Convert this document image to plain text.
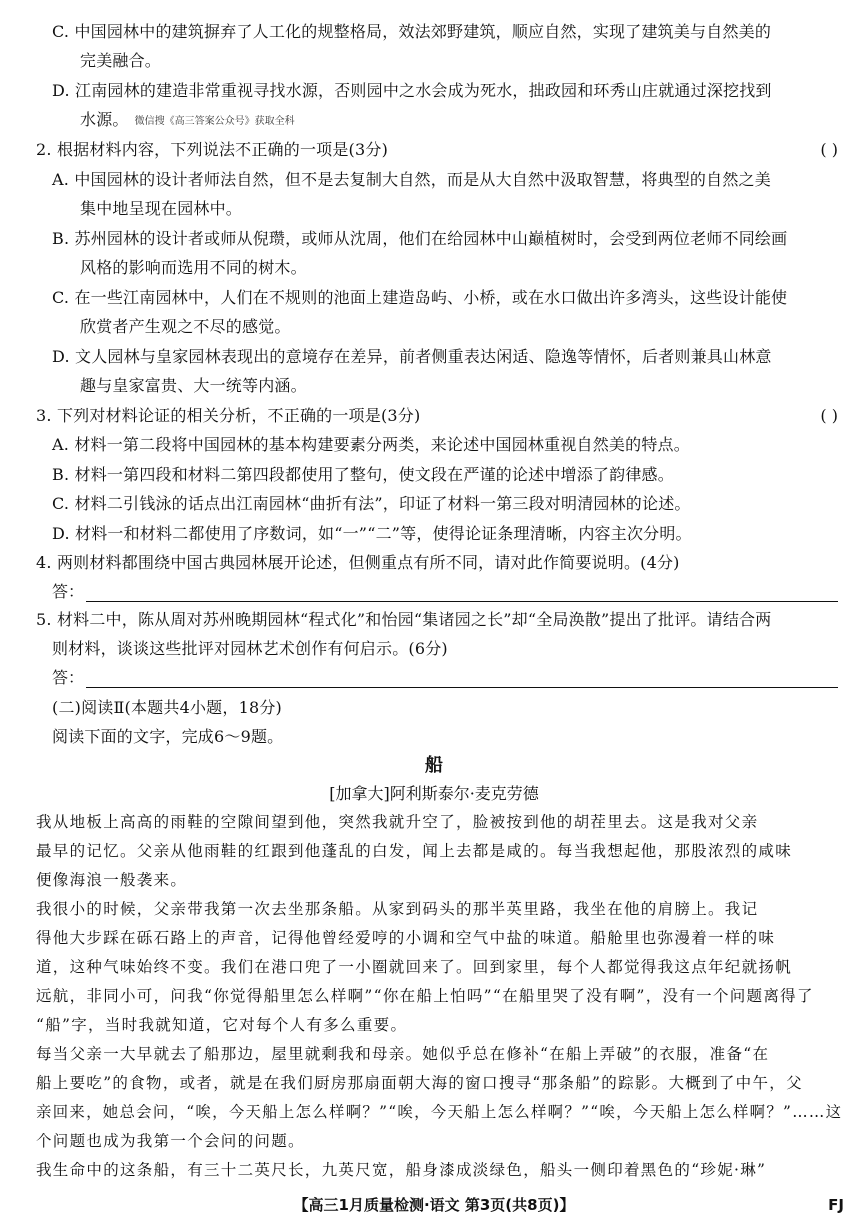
C. 中国园林中的建筑摒弃了人工化的规整格局，效法郊野建筑，顺应自然，实现了建筑美与自然美的
完美融合。
D. 江南园林的建造非常重视寻找水源，否则园中之水会成为死水，拙政园和环秀山庄就通过深挖找到
水源。 微信搜《高三答案公众号》获取全科
2. 根据材料内容，下列说法不正确的一项是(3分)	( )
A. 中国园林的设计者师法自然，但不是去复制大自然，而是从大自然中汲取智慧，将典型的自然之美
集中地呈现在园林中。
B. 苏州园林的设计者或师从倪瓒，或师从沈周，他们在给园林中山巅植树时，会受到两位老师不同绘画
风格的影响而选用不同的树木。
C. 在一些江南园林中，人们在不规则的池面上建造岛屿、小桥，或在水口做出许多湾头，这些设计能使
欣赏者产生观之不尽的感觉。
D. 文人园林与皇家园林表现出的意境存在差异，前者侧重表达闲适、隐逸等情怀，后者则兼具山林意
趣与皇家富贵、大一统等内涵。
3. 下列对材料论证的相关分析，不正确的一项是(3分)	( )
A. 材料一第二段将中国园林的基本构建要素分两类，来论述中国园林重视自然美的特点。
B. 材料一第四段和材料二第四段都使用了整句，使文段在严谨的论述中增添了韵律感。
C. 材料二引钱泳的话点出江南园林“曲折有法”，印证了材料一第三段对明清园林的论述。
D. 材料一和材料二都使用了序数词，如“一”“二”等，使得论证条理清晰，内容主次分明。
4. 两则材料都围绕中国古典园林展开论述，但侧重点有所不同，请对此作简要说明。(4分)
答：
5. 材料二中，陈从周对苏州晚期园林“程式化”和怡园“集诸园之长”却“全局涣散”提出了批评。请结合两
则材料，谈谈这些批评对园林艺术创作有何启示。(6分)
答：
(二)阅读Ⅱ(本题共4小题，18分)
阅读下面的文字，完成6～9题。
船
[加拿大]阿利斯泰尔·麦克劳德
我从地板上高高的雨鞋的空隙间望到他，突然我就升空了，脸被按到他的胡茬里去。这是我对父亲
最早的记忆。父亲从他雨鞋的红跟到他蓬乱的白发，闻上去都是咸的。每当我想起他，那股浓烈的咸味
便像海浪一般袭来。
我很小的时候，父亲带我第一次去坐那条船。从家到码头的那半英里路，我坐在他的肩膀上。我记
得他大步踩在砾石路上的声音，记得他曾经爱哼的小调和空气中盐的味道。船舱里也弥漫着一样的味
道，这种气味始终不变。我们在港口兜了一小圈就回来了。回到家里，每个人都觉得我这点年纪就扬帆
远航，非同小可，问我“你觉得船里怎么样啊”“你在船上怕吗”“在船里哭了没有啊”，没有一个问题离得了
“船”字，当时我就知道，它对每个人有多么重要。
每当父亲一大早就去了船那边，屋里就剩我和母亲。她似乎总在修补“在船上弄破”的衣服，准备“在
船上要吃”的食物，或者，就是在我们厨房那扇面朝大海的窗口搜寻“那条船”的踪影。大概到了中午，父
亲回来，她总会问，“唉，今天船上怎么样啊？”“唉，今天船上怎么样啊？”“唉，今天船上怎么样啊？”……这
个问题也成为我第一个会问的问题。
我生命中的这条船，有三十二英尺长，九英尺宽，船身漆成淡绿色，船头一侧印着黑色的“珍妮·琳”
【高三1月质量检测·语文 第3页(共8页)】	FJ
